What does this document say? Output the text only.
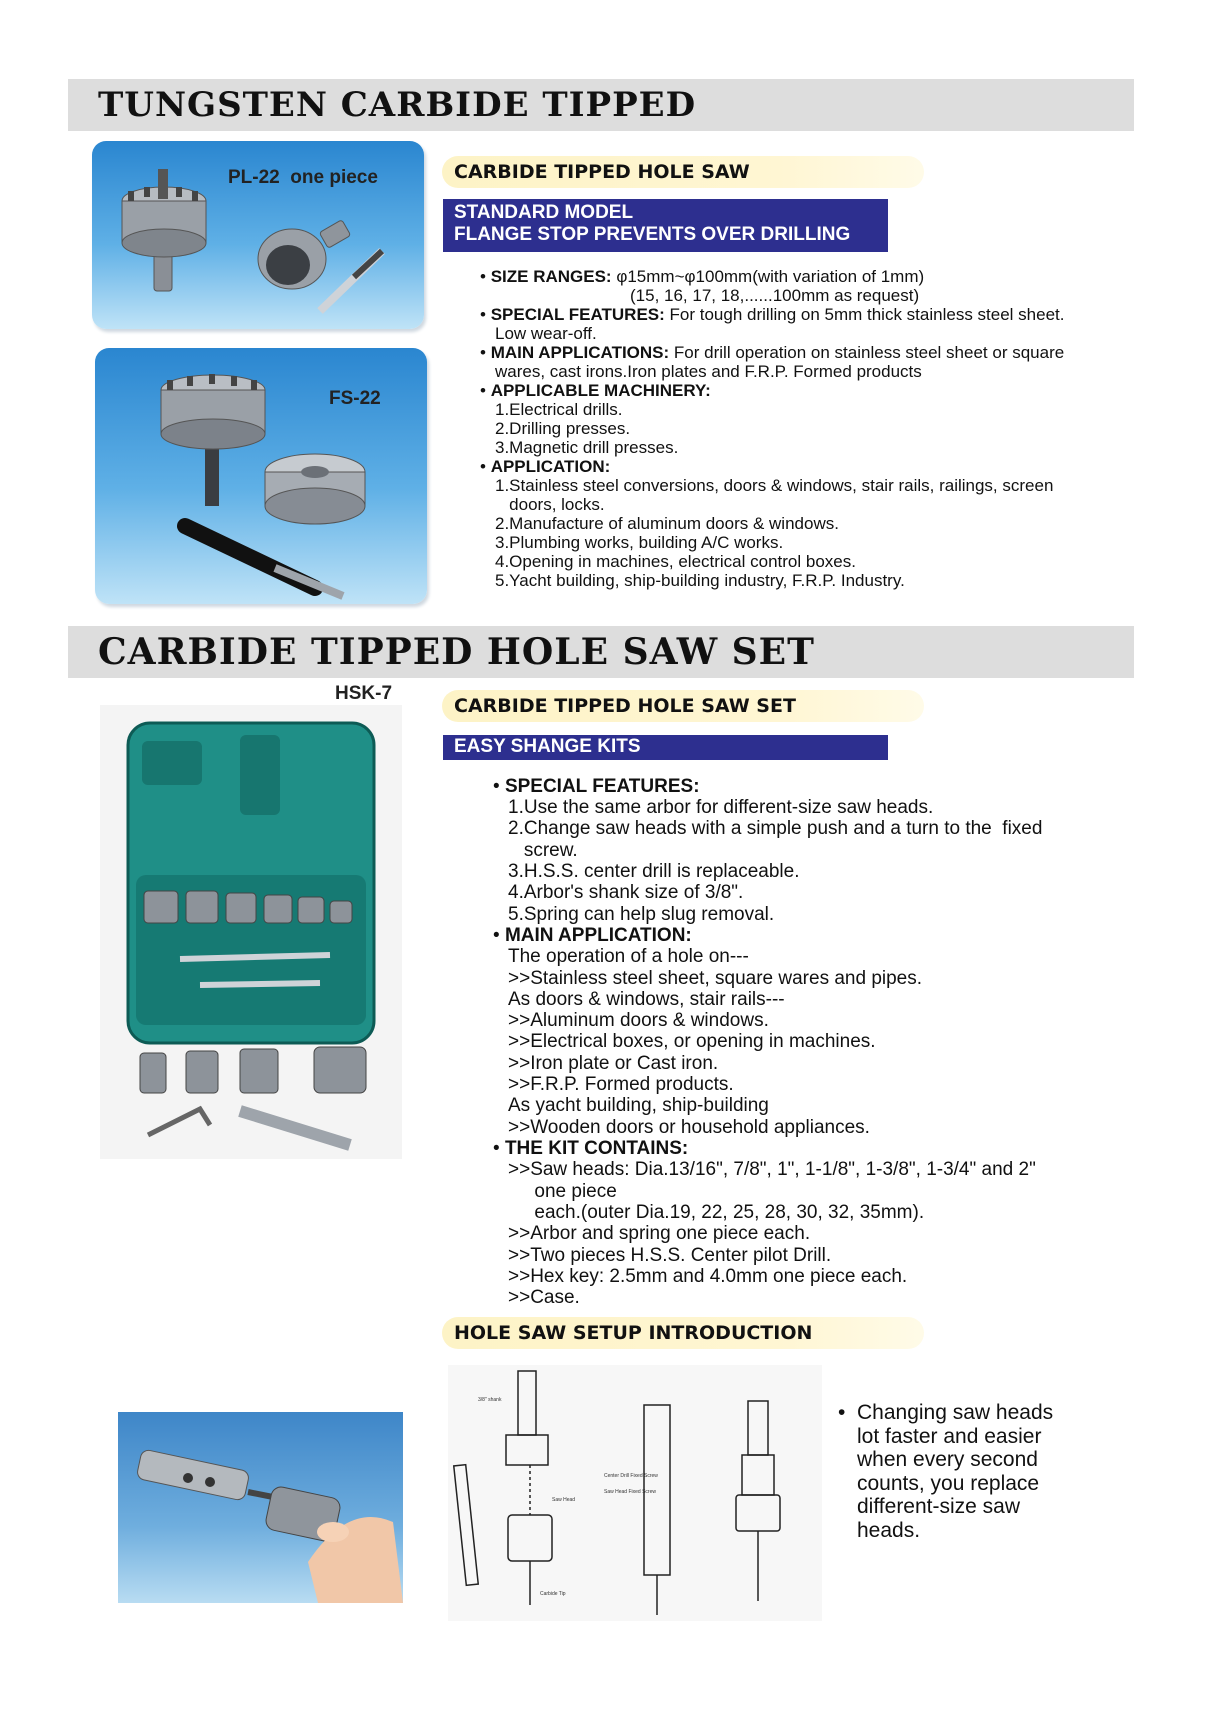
TUNGSTEN CARBIDE TIPPED
PL-22  one piece
FS-22
CARBIDE TIPPED HOLE SAW
STANDARD MODEL
FLANGE STOP PREVENTS OVER DRILLING
• SIZE RANGES: φ15mm~φ100mm(with variation of 1mm)
(15, 16, 17, 18,......100mm as request)
• SPECIAL FEATURES: For tough drilling on 5mm thick stainless steel sheet.
Low wear-off.
• MAIN APPLICATIONS: For drill operation on stainless steel sheet or square
wares, cast irons.Iron plates and F.R.P. Formed products
• APPLICABLE MACHINERY:
1.Electrical drills.
2.Drilling presses.
3.Magnetic drill presses.
• APPLICATION:
1.Stainless steel conversions, doors & windows, stair rails, railings, screen
doors, locks.
2.Manufacture of aluminum doors & windows.
3.Plumbing works, building A/C works.
4.Opening in machines, electrical control boxes.
5.Yacht building, ship-building industry, F.R.P. Industry.
CARBIDE TIPPED HOLE SAW SET
HSK-7
CARBIDE TIPPED HOLE SAW SET
EASY SHANGE KITS
• SPECIAL FEATURES:
1.Use the same arbor for different-size saw heads.
2.Change saw heads with a simple push and a turn to the  fixed
screw.
3.H.S.S. center drill is replaceable.
4.Arbor's shank size of 3/8".
5.Spring can help slug removal.
• MAIN APPLICATION:
The operation of a hole on---
>>Stainless steel sheet, square wares and pipes.
As doors & windows, stair rails---
>>Aluminum doors & windows.
>>Electrical boxes, or opening in machines.
>>Iron plate or Cast iron.
>>F.R.P. Formed products.
As yacht building, ship-building
>>Wooden doors or household appliances.
• THE KIT CONTAINS:
>>Saw heads: Dia.13/16", 7/8", 1", 1-1/8", 1-3/8", 1-3/4" and 2"
one piece
each.(outer Dia.19, 22, 25, 28, 30, 32, 35mm).
>>Arbor and spring one piece each.
>>Two pieces H.S.S. Center pilot Drill.
>>Hex key: 2.5mm and 4.0mm one piece each.
>>Case.
HOLE SAW SETUP INTRODUCTION
3/8" shank
Center Drill Fixed Screw
Saw Head Fixed Screw
Saw Head
Carbide Tip
• Changing saw heads
lot faster and easier
when every second
counts, you replace
different-size saw
heads.
